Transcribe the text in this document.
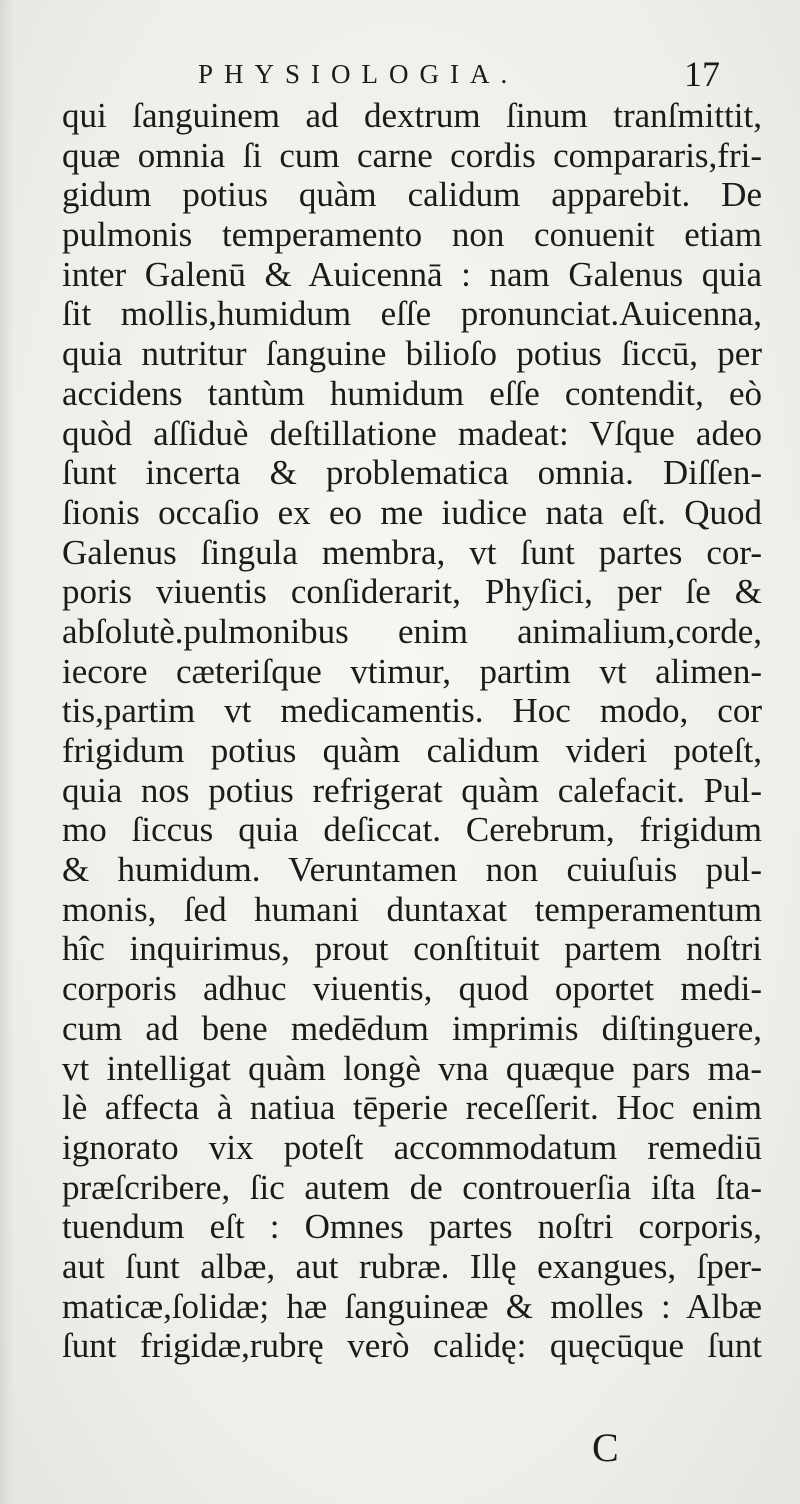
PHYSIOLOGIA.	17
qui ſanguinem ad dextrum ſinum tranſmittit,
quæ omnia ſi cum carne cordis compararis,fri-
gidum potius quàm calidum apparebit. De
pulmonis temperamento non conuenit etiam
inter Galenū & Auicennā : nam Galenus quia
ſit mollis,humidum eſſe pronunciat.Auicenna,
quia nutritur ſanguine bilioſo potius ſiccū, per
accidens tantùm humidum eſſe contendit, eò
quòd aſſiduè deſtillatione madeat: Vſque adeo
ſunt incerta & problematica omnia. Diſſen-
ſionis occaſio ex eo me iudice nata eſt. Quod
Galenus ſingula membra, vt ſunt partes cor-
poris viuentis conſiderarit, Phyſici, per ſe &
abſolutè.pulmonibus enim animalium,corde,
iecore cæteriſque vtimur, partim vt alimen-
tis,partim vt medicamentis. Hoc modo, cor
frigidum potius quàm calidum videri poteſt,
quia nos potius refrigerat quàm calefacit. Pul-
mo ſiccus quia deſiccat. Cerebrum, frigidum
& humidum. Veruntamen non cuiuſuis pul-
monis, ſed humani duntaxat temperamentum
hîc inquirimus, prout conſtituit partem noſtri
corporis adhuc viuentis, quod oportet medi-
cum ad bene medēdum imprimis diſtinguere,
vt intelligat quàm longè vna quæque pars ma-
lè affecta à natiua tēperie receſſerit. Hoc enim
ignorato vix poteſt accommodatum remediū
præſcribere, ſic autem de controuerſia iſta ſta-
tuendum eſt : Omnes partes noſtri corporis,
aut ſunt albæ, aut rubræ. Illę exangues, ſper-
maticæ,ſolidæ; hæ ſanguineæ & molles : Albæ
ſunt frigidæ,rubrę verò calidę: quęcūque ſunt
C
